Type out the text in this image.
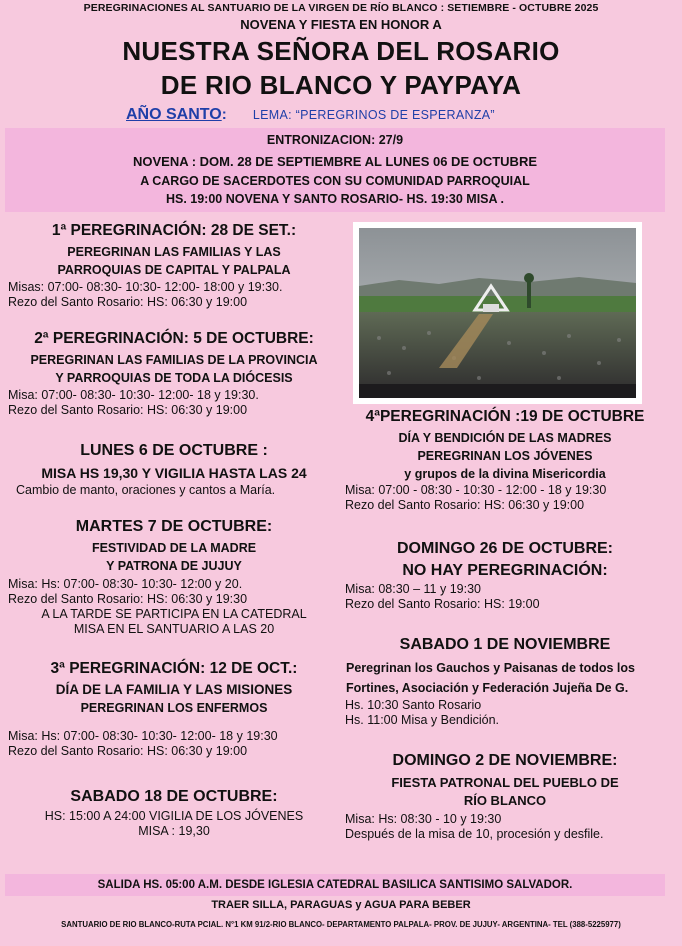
PEREGRINACIONES AL SANTUARIO DE LA VIRGEN DE RÍO BLANCO : SETIEMBRE - OCTUBRE 2025
NOVENA Y FIESTA EN HONOR A
NUESTRA SEÑORA DEL ROSARIO
DE RIO BLANCO Y PAYPAYA
AÑO SANTO: LEMA: “PEREGRINOS DE ESPERANZA”
ENTRONIZACION: 27/9
NOVENA : DOM. 28 DE SEPTIEMBRE AL LUNES 06 DE OCTUBRE
A CARGO DE SACERDOTES CON SU COMUNIDAD PARROQUIAL
HS. 19:00 NOVENA Y SANTO ROSARIO- HS. 19:30 MISA .
1ª PEREGRINACIÓN: 28 DE SET.:
PEREGRINAN LAS FAMILIAS Y LAS
PARROQUIAS DE CAPITAL Y PALPALA
Misas: 07:00- 08:30- 10:30- 12:00- 18:00 y 19:30.
Rezo del Santo Rosario: HS: 06:30 y 19:00
2ª PEREGRINACIÓN: 5 DE OCTUBRE:
PEREGRINAN LAS FAMILIAS DE LA PROVINCIA
Y PARROQUIAS DE TODA LA DIÓCESIS
Misa: 07:00- 08:30- 10:30- 12:00- 18 y 19:30.
Rezo del Santo Rosario: HS: 06:30 y 19:00
LUNES 6 DE OCTUBRE :
MISA HS 19,30 Y VIGILIA HASTA LAS 24
Cambio de manto, oraciones y cantos a María.
MARTES 7 DE OCTUBRE:
FESTIVIDAD DE LA MADRE
Y PATRONA DE JUJUY
Misa: Hs: 07:00- 08:30- 10:30- 12:00 y 20.
Rezo del Santo Rosario: HS: 06:30 y 19:30
A LA TARDE SE PARTICIPA EN LA CATEDRAL
MISA EN EL SANTUARIO A LAS 20
3ª PEREGRINACIÓN: 12 DE OCT.:
DÍA DE LA FAMILIA Y LAS MISIONES
PEREGRINAN LOS ENFERMOS
Misa: Hs: 07:00- 08:30- 10:30- 12:00- 18 y 19:30
Rezo del Santo Rosario: HS: 06:30 y 19:00
SABADO 18 DE OCTUBRE:
HS: 15:00 A 24:00 VIGILIA DE LOS JÓVENES
MISA : 19,30
4ªPEREGRINACIÓN :19 DE OCTUBRE
DÍA Y BENDICIÓN DE LAS MADRES
PEREGRINAN LOS JÓVENES
y grupos de la divina Misericordia
Misa: 07:00 - 08:30 - 10:30 - 12:00 - 18 y 19:30
Rezo del Santo Rosario: HS: 06:30 y 19:00
DOMINGO 26 DE OCTUBRE:
NO HAY PEREGRINACIÓN:
Misa: 08:30 – 11 y 19:30
Rezo del Santo Rosario: HS: 19:00
SABADO 1 DE NOVIEMBRE
Peregrinan los Gauchos y Paisanas de todos los
Fortines, Asociación y Federación Jujeña De G.
Hs. 10:30 Santo Rosario
Hs. 11:00 Misa y Bendición.
DOMINGO 2 DE NOVIEMBRE:
FIESTA PATRONAL DEL PUEBLO DE
RÍO BLANCO
Misa: Hs: 08:30 - 10 y 19:30
Después de la misa de 10, procesión y desfile.
SALIDA HS. 05:00 A.M. DESDE IGLESIA CATEDRAL BASILICA SANTISIMO SALVADOR.
TRAER SILLA, PARAGUAS y AGUA PARA BEBER
SANTUARIO DE RIO BLANCO-RUTA PCIAL. N°1 KM 91/2-RIO BLANCO- DEPARTAMENTO PALPALA- PROV. DE JUJUY- ARGENTINA- TEL (388-5225977)
